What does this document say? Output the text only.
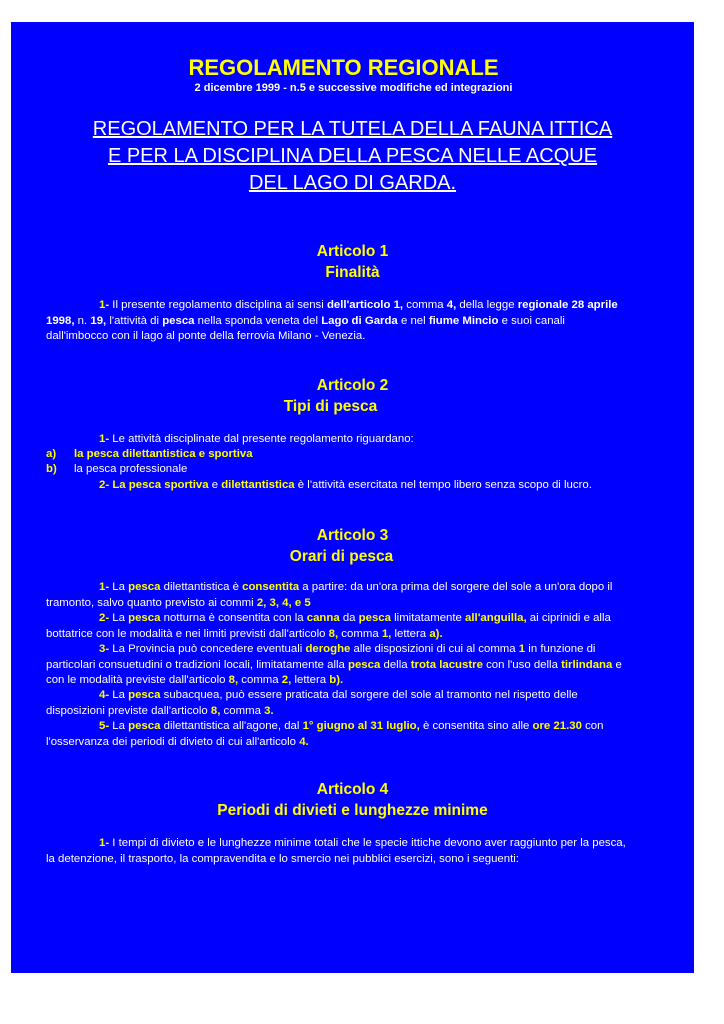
REGOLAMENTO REGIONALE
2 dicembre 1999 - n.5 e successive modifiche ed integrazioni
REGOLAMENTO PER LA TUTELA DELLA FAUNA ITTICA
E PER LA DISCIPLINA DELLA PESCA NELLE ACQUE
DEL LAGO DI GARDA.
Articolo 1
Finalità
1- Il presente regolamento disciplina ai sensi dell'articolo 1, comma 4, della legge regionale 28 aprile 1998, n. 19, l'attività di pesca nella sponda veneta del Lago di Garda e nel fiume Mincio e suoi canali dall'imbocco con il lago al ponte della ferrovia Milano - Venezia.
Articolo 2
Tipi di pesca
1- Le attività disciplinate dal presente regolamento riguardano:
a) la pesca dilettantistica e sportiva
b) la pesca professionale
2- La pesca sportiva e dilettantistica è l'attività esercitata nel tempo libero senza scopo di lucro.
Articolo 3
Orari di pesca
1- La pesca dilettantistica è consentita a partire: da un'ora prima del sorgere del sole a un'ora dopo il tramonto, salvo quanto previsto ai commi 2, 3, 4, e 5
2- La pesca notturna è consentita con la canna da pesca limitatamente all'anguilla, ai ciprinidi e alla bottatrice con le modalità e nei limiti previsti dall'articolo 8, comma 1, lettera a).
3- La Provincia può concedere eventuali deroghe alle disposizioni di cui al comma 1 in funzione di particolari consuetudini o tradizioni locali, limitatamente alla pesca della trota lacustre con l'uso della tirlindana e con le modalità previste dall'articolo 8, comma 2, lettera b).
4- La pesca subacquea, può essere praticata dal sorgere del sole al tramonto nel rispetto delle disposizioni previste dall'articolo 8, comma 3.
5- La pesca dilettantistica all'agone, dal 1° giugno al 31 luglio, è consentita sino alle ore 21.30 con l'osservanza dei periodi di divieto di cui all'articolo 4.
Articolo 4
Periodi di divieti e lunghezze minime
1- I tempi di divieto e le lunghezze minime totali che le specie ittiche devono aver raggiunto per la pesca, la detenzione, il trasporto, la compravendita e lo smercio nei pubblici esercizi, sono i seguenti:
